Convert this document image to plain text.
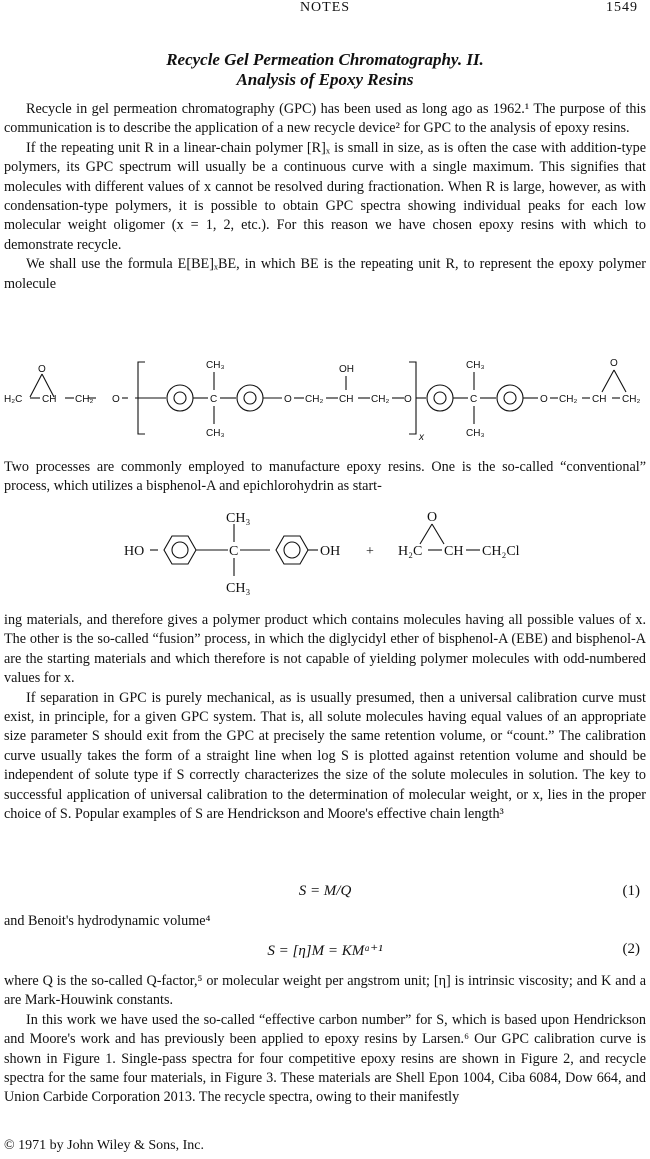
NOTES	1549
Recycle Gel Permeation Chromatography. II.
Analysis of Epoxy Resins

Recycle in gel permeation chromatography (GPC) has been used as long ago as 1962.¹ The purpose of this communication is to describe the application of a new recycle device² for GPC to the analysis of epoxy resins.

If the repeating unit R in a linear-chain polymer [R]ₓ is small in size, as is often the case with addition-type polymers, its GPC spectrum will usually be a continuous curve with a single maximum. This signifies that molecules with different values of x cannot be resolved during fractionation. When R is large, however, as with condensation-type polymers, it is possible to obtain GPC spectra showing individual peaks for each low molecular weight oligomer (x = 1, 2, etc.). For this reason we have chosen epoxy resins with which to demonstrate recycle.

We shall use the formula E[BE]ₓBE, in which BE is the repeating unit R, to represent the epoxy polymer molecule

H₂C
O
CH CH₂ O
CH₃
C
CH₃
O CH₂
OH
CH CH₂ O
x
CH₃
C
CH₃
O CH₂
O
CH CH₂

Two processes are commonly employed to manufacture epoxy resins. One is the so-called “conventional” process, which utilizes a bisphenol-A and epichlorohydrin as start-

HO
CH₃
C
CH₃
OH + H₂C
O
CH CH₂Cl

ing materials, and therefore gives a polymer product which contains molecules having all possible values of x. The other is the so-called “fusion” process, in which the diglycidyl ether of bisphenol-A (EBE) and bisphenol-A are the starting materials and which therefore is not capable of yielding polymer molecules with odd-numbered values for x.

If separation in GPC is purely mechanical, as is usually presumed, then a universal calibration curve must exist, in principle, for a given GPC system. That is, all solute molecules having equal values of an appropriate size parameter S should exit from the GPC at precisely the same retention volume, or “count.” The calibration curve usually takes the form of a straight line when log S is plotted against retention volume and should be independent of solute type if S correctly characterizes the size of the solute molecules in solution. The key to successful application of universal calibration to the determination of molecular weight, or x, lies in the proper choice of S. Popular examples of S are Hendrickson and Moore's effective chain length³

S = M/Q	(1)

and Benoit's hydrodynamic volume⁴

S = [η]M = KMᵃ⁺¹	(2)

where Q is the so-called Q-factor,⁵ or molecular weight per angstrom unit; [η] is intrinsic viscosity; and K and a are Mark-Houwink constants.

In this work we have used the so-called “effective carbon number” for S, which is based upon Hendrickson and Moore's work and has previously been applied to epoxy resins by Larsen.⁶ Our GPC calibration curve is shown in Figure 1. Single-pass spectra for four competitive epoxy resins are shown in Figure 2, and recycle spectra for the same four materials, in Figure 3. These materials are Shell Epon 1004, Ciba 6084, Dow 664, and Union Carbide Corporation 2013. The recycle spectra, owing to their manifestly

© 1971 by John Wiley & Sons, Inc.
